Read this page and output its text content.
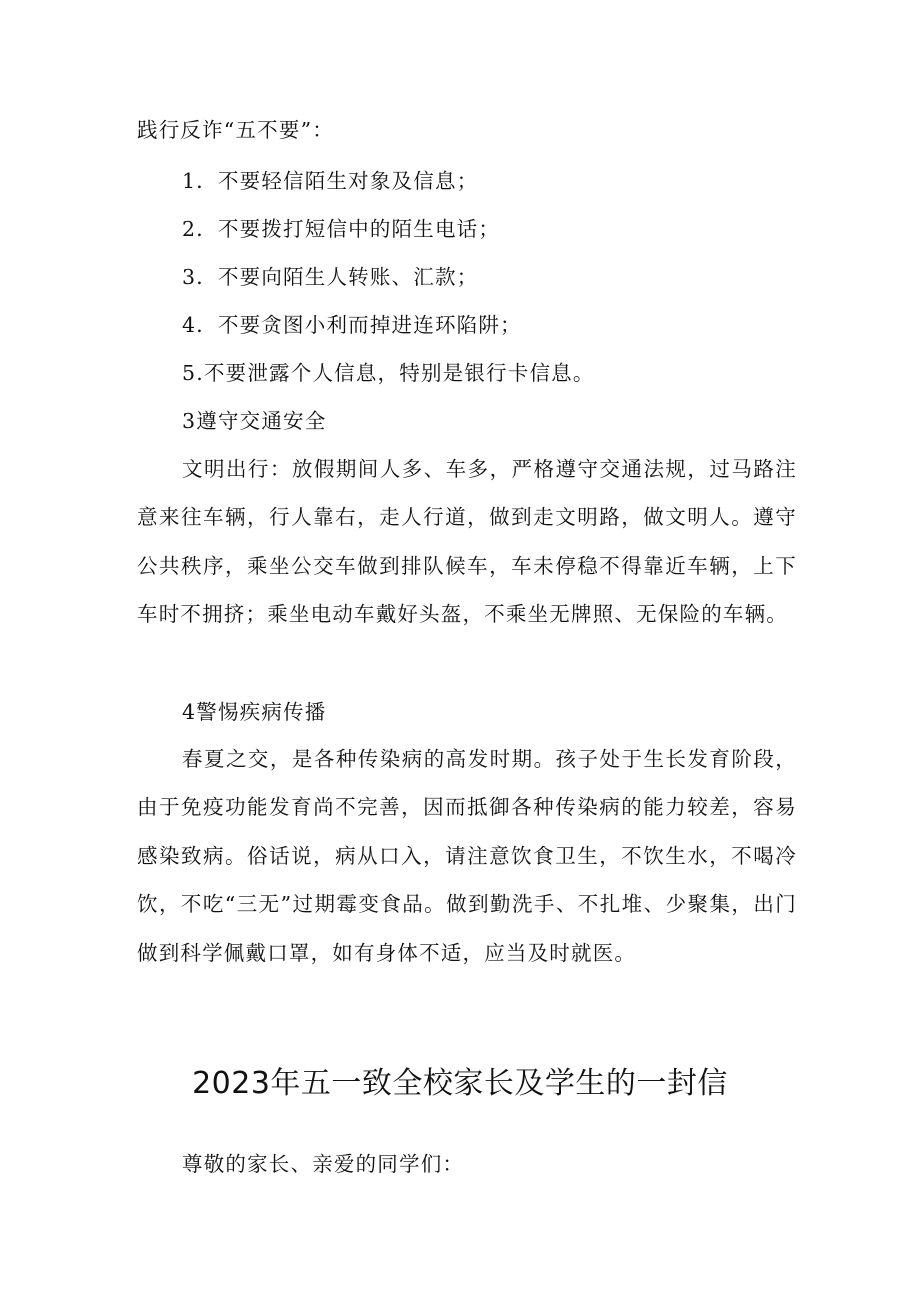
践行反诈“五不要”：
1．不要轻信陌生对象及信息；
2．不要拨打短信中的陌生电话；
3．不要向陌生人转账、汇款；
4．不要贪图小利而掉进连环陷阱；
5.不要泄露个人信息，特别是银行卡信息。
3遵守交通安全
文明出行：放假期间人多、车多，严格遵守交通法规，过马路注意来往车辆，行人靠右，走人行道，做到走文明路，做文明人。遵守公共秩序，乘坐公交车做到排队候车，车未停稳不得靠近车辆，上下车时不拥挤；乘坐电动车戴好头盔，不乘坐无牌照、无保险的车辆。
4警惕疾病传播
春夏之交，是各种传染病的高发时期。孩子处于生长发育阶段，由于免疫功能发育尚不完善，因而抵御各种传染病的能力较差，容易感染致病。俗话说，病从口入，请注意饮食卫生，不饮生水，不喝冷饮，不吃“三无”过期霉变食品。做到勤洗手、不扎堆、少聚集，出门做到科学佩戴口罩，如有身体不适，应当及时就医。
2023年五一致全校家长及学生的一封信
尊敬的家长、亲爱的同学们：
